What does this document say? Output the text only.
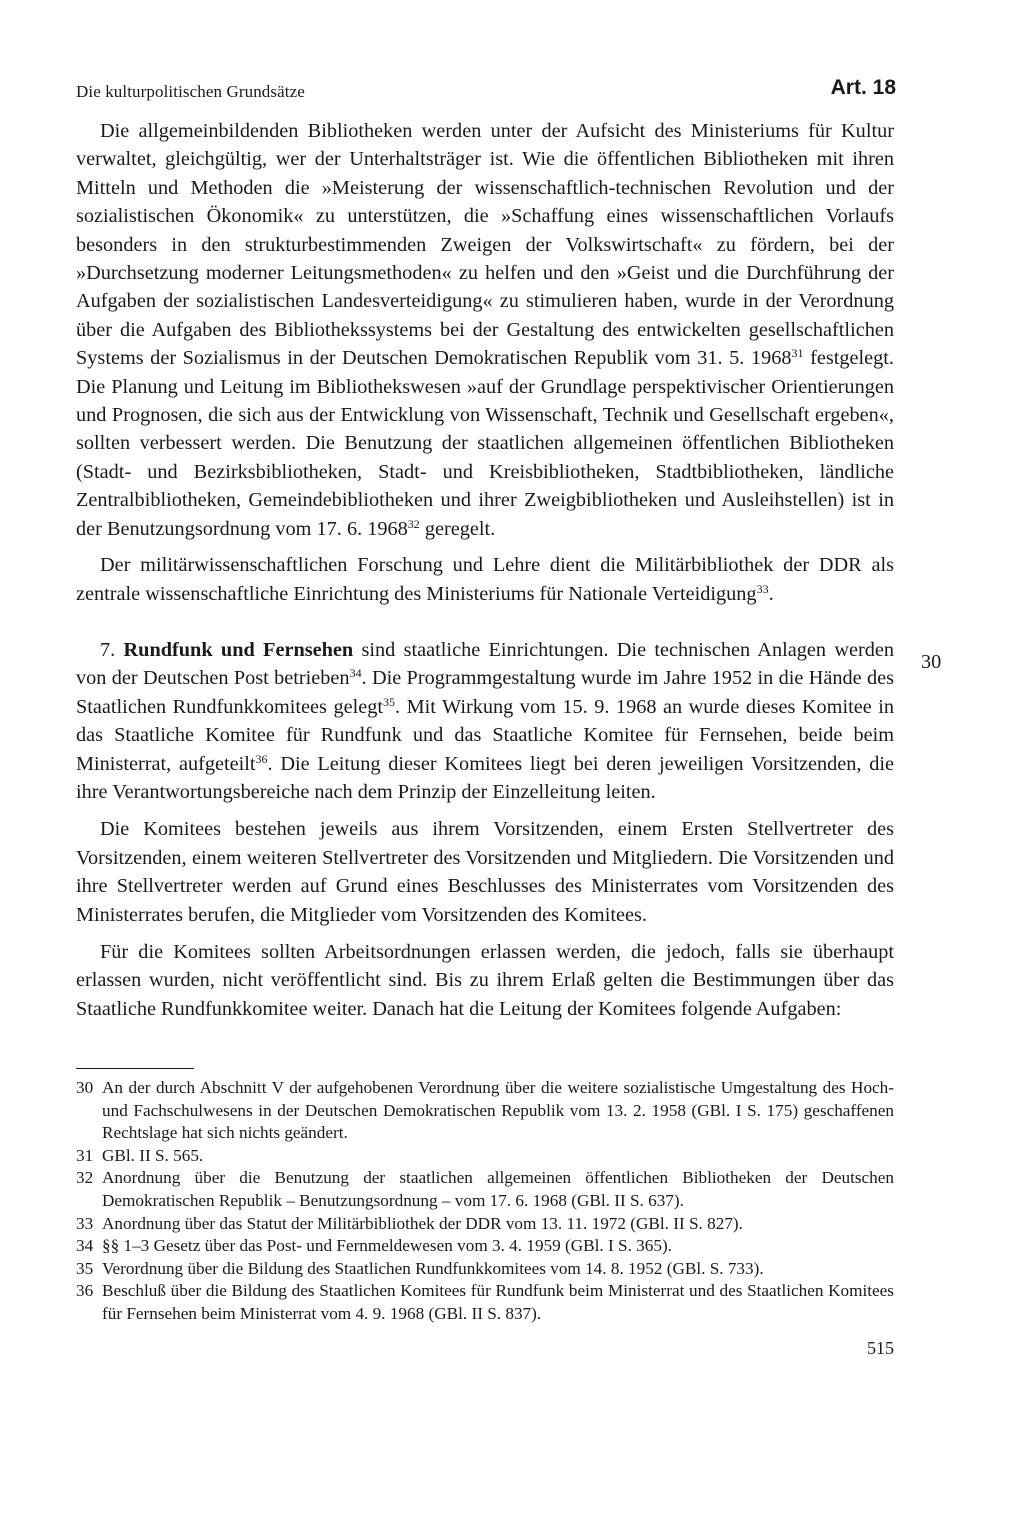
Die kulturpolitischen Grundsätze	Art. 18

Die allgemeinbildenden Bibliotheken werden unter der Aufsicht des Ministeriums für Kultur verwaltet, gleichgültig, wer der Unterhaltsträger ist. Wie die öffentlichen Bibliotheken mit ihren Mitteln und Methoden die »Meisterung der wissenschaftlich-technischen Revolution und der sozialistischen Ökonomik« zu unterstützen, die »Schaffung eines wissenschaftlichen Vorlaufs besonders in den strukturbestimmenden Zweigen der Volkswirtschaft« zu fördern, bei der »Durchsetzung moderner Leitungsmethoden« zu helfen und den »Geist und die Durchführung der Aufgaben der sozialistischen Landesverteidigung« zu stimulieren haben, wurde in der Verordnung über die Aufgaben des Bibliothekssystems bei der Gestaltung des entwickelten gesellschaftlichen Systems der Sozialismus in der Deutschen Demokratischen Republik vom 31. 5. 1968$^{31}$ festgelegt. Die Planung und Leitung im Bibliothekswesen »auf der Grundlage perspektivischer Orientierungen und Prognosen, die sich aus der Entwicklung von Wissenschaft, Technik und Gesellschaft ergeben«, sollten verbessert werden. Die Benutzung der staatlichen allgemeinen öffentlichen Bibliotheken (Stadt- und Bezirksbibliotheken, Stadt- und Kreisbibliotheken, Stadtbibliotheken, ländliche Zentralbibliotheken, Gemeindebibliotheken und ihrer Zweigbibliotheken und Ausleihstellen) ist in der Benutzungsordnung vom 17. 6. 1968$^{32}$ geregelt.

Der militärwissenschaftlichen Forschung und Lehre dient die Militärbibliothek der DDR als zentrale wissenschaftliche Einrichtung des Ministeriums für Nationale Verteidigung$^{33}$.

7. Rundfunk und Fernsehen sind staatliche Einrichtungen. Die technischen Anlagen werden von der Deutschen Post betrieben$^{34}$. Die Programmgestaltung wurde im Jahre 1952 in die Hände des Staatlichen Rundfunkkomitees gelegt$^{35}$. Mit Wirkung vom 15. 9. 1968 an wurde dieses Komitee in das Staatliche Komitee für Rundfunk und das Staatliche Komitee für Fernsehen, beide beim Ministerrat, aufgeteilt$^{36}$. Die Leitung dieser Komitees liegt bei deren jeweiligen Vorsitzenden, die ihre Verantwortungsbereiche nach dem Prinzip der Einzelleitung leiten.

Die Komitees bestehen jeweils aus ihrem Vorsitzenden, einem Ersten Stellvertreter des Vorsitzenden, einem weiteren Stellvertreter des Vorsitzenden und Mitgliedern. Die Vorsitzenden und ihre Stellvertreter werden auf Grund eines Beschlusses des Ministerrates vom Vorsitzenden des Ministerrates berufen, die Mitglieder vom Vorsitzenden des Komitees.

Für die Komitees sollten Arbeitsordnungen erlassen werden, die jedoch, falls sie überhaupt erlassen wurden, nicht veröffentlicht sind. Bis zu ihrem Erlaß gelten die Bestimmungen über das Staatliche Rundfunkkomitee weiter. Danach hat die Leitung der Komitees folgende Aufgaben:

30
30 An der durch Abschnitt V der aufgehobenen Verordnung über die weitere sozialistische Umgestaltung des Hoch- und Fachschulwesens in der Deutschen Demokratischen Republik vom 13. 2. 1958 (GBl. I S. 175) geschaffenen Rechtslage hat sich nichts geändert.
31 GBl. II S. 565.
32 Anordnung über die Benutzung der staatlichen allgemeinen öffentlichen Bibliotheken der Deutschen Demokratischen Republik – Benutzungsordnung – vom 17. 6. 1968 (GBl. II S. 637).
33 Anordnung über das Statut der Militärbibliothek der DDR vom 13. 11. 1972 (GBl. II S. 827).
34 §§ 1–3 Gesetz über das Post- und Fernmeldewesen vom 3. 4. 1959 (GBl. I S. 365).
35 Verordnung über die Bildung des Staatlichen Rundfunkkomitees vom 14. 8. 1952 (GBl. S. 733).
36 Beschluß über die Bildung des Staatlichen Komitees für Rundfunk beim Ministerrat und des Staatlichen Komitees für Fernsehen beim Ministerrat vom 4. 9. 1968 (GBl. II S. 837).
515
